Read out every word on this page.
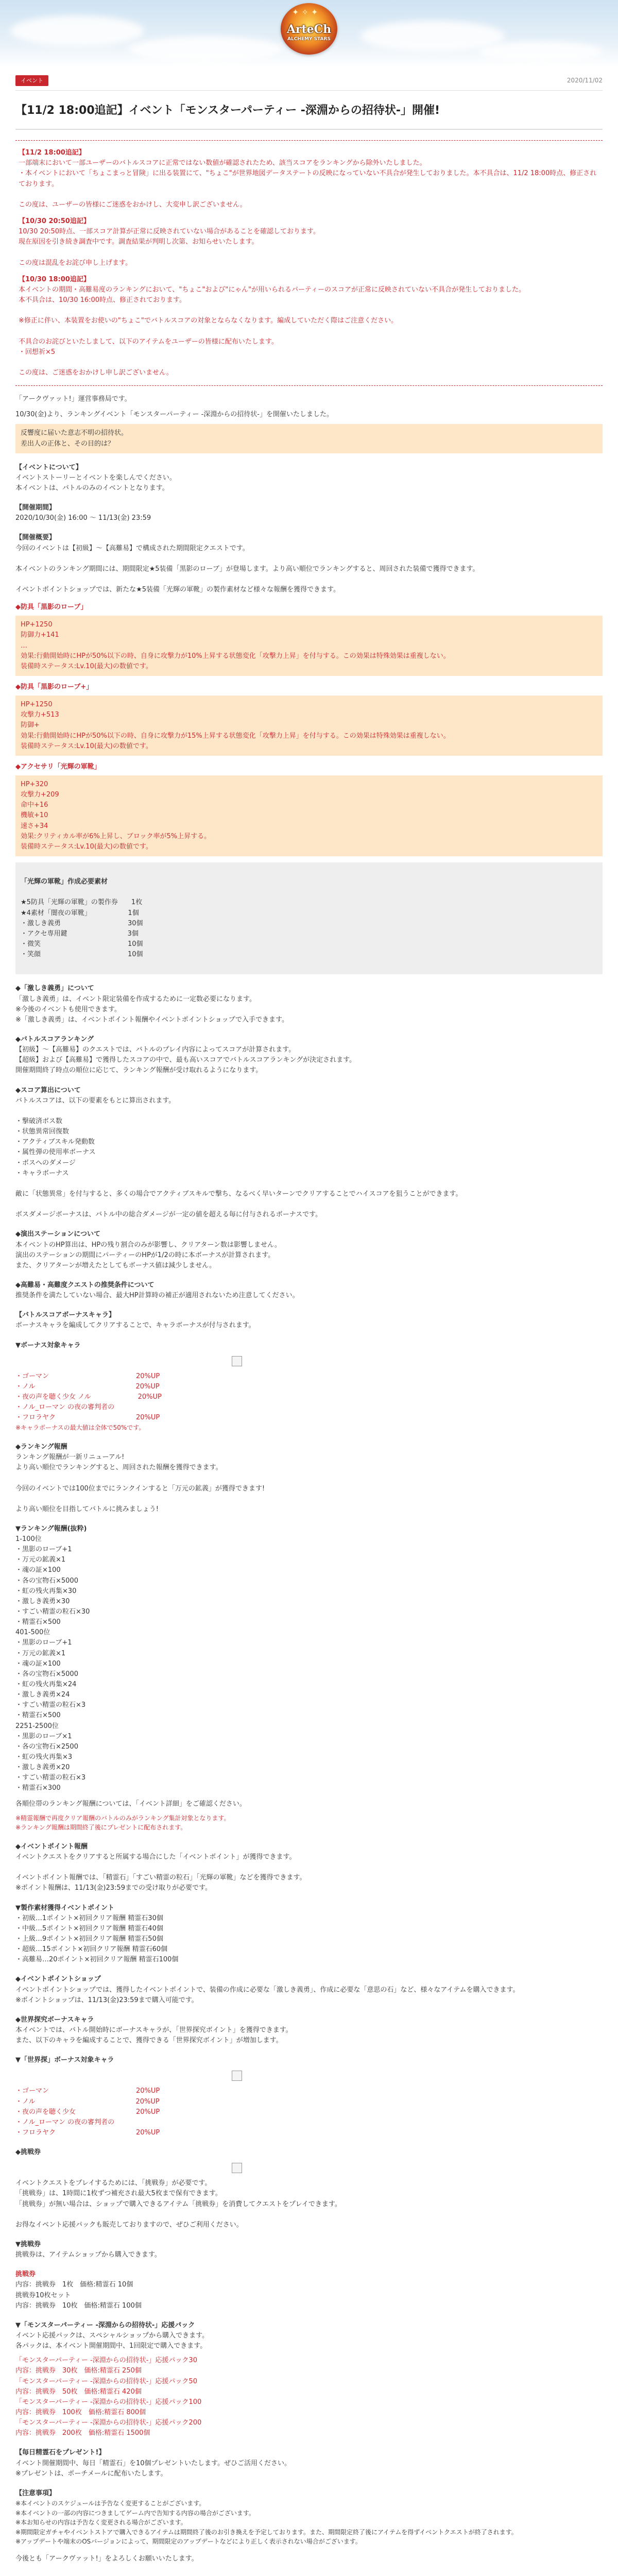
✦ ✧ ✦
ArteCh
ALCHEMY STARS
イベント	2020/11/02
【11/2 18:00追記】イベント「モンスターパーティー -深淵からの招待状-」開催!
【11/2 18:00追記】

一部端末において一部ユーザーのバトルスコアに正常ではない数値が確認されたため、該当スコアをランキングから除外いたしました。
・本イベントにおいて「ちょこまっと冒険」に出る装置にて、"ちょこ"が世界地図データステートの反映になっていない不具合が発生しておりました。本不具合は、11/2 18:00時点、修正されております。

この度は、ユーザーの皆様にご迷惑をおかけし、大変申し訳ございません。

【10/30 20:50追記】

10/30 20:50時点、一部スコア計算が正常に反映されていない場合があることを確認しております。
現在原因を引き続き調査中です。調査結果が判明し次第、お知らせいたします。

この度は混乱をお詫び申し上げます。

【10/30 18:00追記】

本イベントの期間・高難易度のランキングにおいて、"ちょこ"および"にゃん"が用いられるパーティーのスコアが正常に反映されていない不具合が発生しておりました。
本不具合は、10/30 16:00時点、修正されております。

※修正に伴い、本装置をお使いの"ちょこ"でバトルスコアの対象とならなくなります。編成していただく際はご注意ください。

不具合のお詫びといたしまして、以下のアイテムをユーザーの皆様に配布いたします。
・回想祈×5

この度は、ご迷惑をおかけし申し訳ございません。

「アークヴァット!」運営事務局です。

10/30(金)より、ランキングイベント「モンスターパーティー -深淵からの招待状-」を開催いたしました。

反響度に届いた意志不明の招待状。
差出人の正体と、その目的は？
【イベントについて】

イベントストーリーとイベントを楽しんでください。
本イベントは、バトルのみのイベントとなります。

【開催期間】

2020/10/30(金) 16:00 〜 11/13(金) 23:59

【開催概要】

今回のイベントは【初級】〜【高難易】で構成された期間限定クエストです。

本イベントのランキング期間には、期間限定★5装備「黒影のローブ」が登場します。より高い順位でランキングすると、周回された装備で獲得できます。

イベントポイントショップでは、新たな★5装備「光輝の軍靴」の製作素材など様々な報酬を獲得できます。

◆防具「黒影のローブ」
HP+1250
防御力+141
…
効果:行動開始時にHPが50%以下の時、自身に攻撃力が10%上昇する状態変化「攻撃力上昇」を付与する。この効果は特殊効果は重複しない。
装備時ステータス:Lv.10(最大)の数値です。
◆防具「黒影のローブ+」
HP+1250
攻撃力+513
防御+
効果:行動開始時にHPが50%以下の時、自身に攻撃力が15%上昇する状態変化「攻撃力上昇」を付与する。この効果は特殊効果は重複しない。
装備時ステータス:Lv.10(最大)の数値です。
◆アクセサリ「光輝の軍靴」
HP+320
攻撃力+209
命中+16
機敏+10
速さ+34
効果:クリティカル率が6%上昇し、ブロック率が5%上昇する。
装備時ステータス:Lv.10(最大)の数値です。

「光輝の軍靴」作成必要素材

★5防具「光輝の軍靴」の製作券　　1枚
★4素材「闇夜の軍靴」　　　　　　1個
・激しき義勇　　　　　　　　　　30個
・アクセ専用鍵　　　　　　　　　3個
・微笑　　　　　　　　　　　　　10個
・笑顔　　　　　　　　　　　　　10個

◆「激しき義勇」について

「激しき義勇」は、イベント限定装備を作成するために一定数必要になります。
※今後のイベントも使用できます。
※「激しき義勇」は、イベントポイント報酬やイベントポイントショップで入手できます。

◆バトルスコアランキング

【初級】〜【高難易】のクエストでは、バトルのプレイ内容によってスコアが計算されます。
【超級】および【高難易】で獲得したスコアの中で、最も高いスコアでバトルスコアランキングが決定されます。
開催期間終了時点の順位に応じて、ランキング報酬が受け取れるようになります。

◆スコア算出について

バトルスコアは、以下の要素をもとに算出されます。

・撃破済ボス数
・状態異常回復数
・アクティブスキル発動数
・属性弾の使用率ボーナス
・ボスへのダメージ
・キャラボーナス

敵に「状態異常」を付与すると、多くの場合でアクティブスキルで撃ち、なるべく早いターンでクリアすることでハイスコアを狙うことができます。

ボスダメージボーナスは、バトル中の総合ダメージが一定の値を超える毎に付与されるボーナスです。

◆演出ステーションについて

本イベントのHP算出は、HPの残り割合のみが影響し、クリアターン数は影響しません。
演出のステーションの期間にパーティーのHPが1/2の時に本ボーナスが計算されます。
また、クリアターンが増えたとしてもボーナス値は減少しません。

◆高難易・高難度クエストの推奨条件について

推奨条件を満たしていない場合、最大HP計算時の補正が適用されないため注意してください。

【バトルスコアボーナスキャラ】

ボーナスキャラを編成してクリアすることで、キャラボーナスが付与されます。

▼ボーナス対象キャラ

・ゴーマン　　　　　　　　　　　　　20%UP
・ノル　　　　　　　　　　　　　　　20%UP
・夜の声を聴く少女 ノル　　　　　　　20%UP
・ノル_ローマン の夜の審判者の
・フロラヤク　　　　　　　　　　　　20%UP

※キャラボーナスの最大値は全体で50%です。

◆ランキング報酬

ランキング報酬が一新リニューアル!
より高い順位でランキングすると、周回された報酬を獲得できます。

今回のイベントでは100位までにランクインすると「万元の鉱義」が獲得できます!

より高い順位を目指してバトルに挑みましょう!

▼ランキング報酬(抜粋)

1-100位
・黒影のローブ+1
・万元の鉱義×1
・魂の証×100
・各の宝物石×5000
・虹の残火再集×30
・激しき義勇×30
・すごい精霊の粒石×30
・精霊石×500
401-500位
・黒影のローブ+1
・万元の鉱義×1
・魂の証×100
・各の宝物石×5000
・虹の残火再集×24
・激しき義勇×24
・すごい精霊の粒石×3
・精霊石×500
2251-2500位
・黒影のローブ×1
・各の宝物石×2500
・虹の残火再集×3
・激しき義勇×20
・すごい精霊の粒石×3
・精霊石×300

各順位帯のランキング報酬については、「イベント詳細」をご確認ください。

※精霊報酬で再度クリア報酬のバトルのみがランキング集計対象となります。
※ランキング報酬は期間終了後にプレゼントに配布されます。

◆イベントポイント報酬

イベントクエストをクリアすると所属する場合にした「イベントポイント」が獲得できます。

イベントポイント報酬では、「精霊石」「すごい精霊の粒石」「光輝の軍靴」などを獲得できます。
※ポイント報酬は、11/13(金)23:59までの受け取りが必要です。

▼製作素材獲得イベントポイント

・初級…1ポイント×初回クリア報酬 精霊石30個
・中級…5ポイント×初回クリア報酬 精霊石40個
・上級…9ポイント×初回クリア報酬 精霊石50個
・超級…15ポイント×初回クリア報酬 精霊石60個
・高難易…20ポイント×初回クリア報酬 精霊石100個

◆イベントポイントショップ

イベントポイントショップでは、獲得したイベントポイントで、装備の作成に必要な「激しき義勇」、作成に必要な「意思の石」など、様々なアイテムを購入できます。
※ポイントショップは、11/13(金)23:59まで購入可能です。

◆世界探究ボーナスキャラ

本イベントでは、バトル開始時にボーナスキャラが、「世界探究ボイント」を獲得できます。
また、以下のキャラを編成することで、獲得できる「世界探究ボイント」が増加します。

▼「世界探」ボーナス対象キャラ

・ゴーマン　　　　　　　　　　　　　20%UP
・ノル　　　　　　　　　　　　　　　20%UP
・夜の声を聴く少女　　　　　　　　　20%UP
・ノル_ローマン の夜の審判者の
・フロラヤク　　　　　　　　　　　　20%UP

◆挑戦券

イベントクエストをプレイするためには、「挑戦券」が必要です。
「挑戦券」は、1時間に1枚ずつ補充され最大5枚まで保有できます。
「挑戦券」が無い場合は、ショップで購入できるアイテム「挑戦券」を消費してクエストをプレイできます。

お得なイベント応援パックも販売しておりますので、ぜひご利用ください。

▼挑戦券

挑戦券は、アイテムショップから購入できます。

挑戦券

内容：挑戦券　1枚　価格:精霊石 10個
挑戦券10枚セット
内容：挑戦券　10枚　価格:精霊石 100個

▼「モンスターパーティー -深淵からの招待状-」応援パック

イベント応援パックは、スペシャルショップから購入できます。
各パックは、本イベント開催期間中、1回限定で購入できます。

「モンスターパーティー -深淵からの招待状-」応援パック30
内容：挑戦券　30枚　価格:精霊石 250個
「モンスターパーティー -深淵からの招待状-」応援パック50
内容：挑戦券　50枚　価格:精霊石 420個
「モンスターパーティー -深淵からの招待状-」応援パック100
内容：挑戦券　100枚　価格:精霊石 800個
「モンスターパーティー -深淵からの招待状-」応援パック200
内容：挑戦券　200枚　価格:精霊石 1500個

【毎日精霊石をプレゼント!】

イベント開催期間中、毎日「精霊石」を10個プレゼントいたします。ぜひご活用ください。
※プレゼントは、ポーチメールに配布いたします。

【注意事項】

※本イベントのスケジュールは予告なく変更することがございます。
※本イベントの一部の内容につきましてゲーム内で告知する内容の場合がございます。
※本お知らせの内容は予告なく変更される場合がございます。
※期間限定ガチャやイベントストアで購入できるアイテムは期間終了後のお引き換えを予定しております。また、期間限定終了後にアイテムを得ずイベントクエストが終了されます。
※アップデートや端末のOSバージョンによって、期間限定のアップデートなどにより正しく表示されない場合がございます。

今後とも「アークヴァット!」をよろしくお願いいたします。
